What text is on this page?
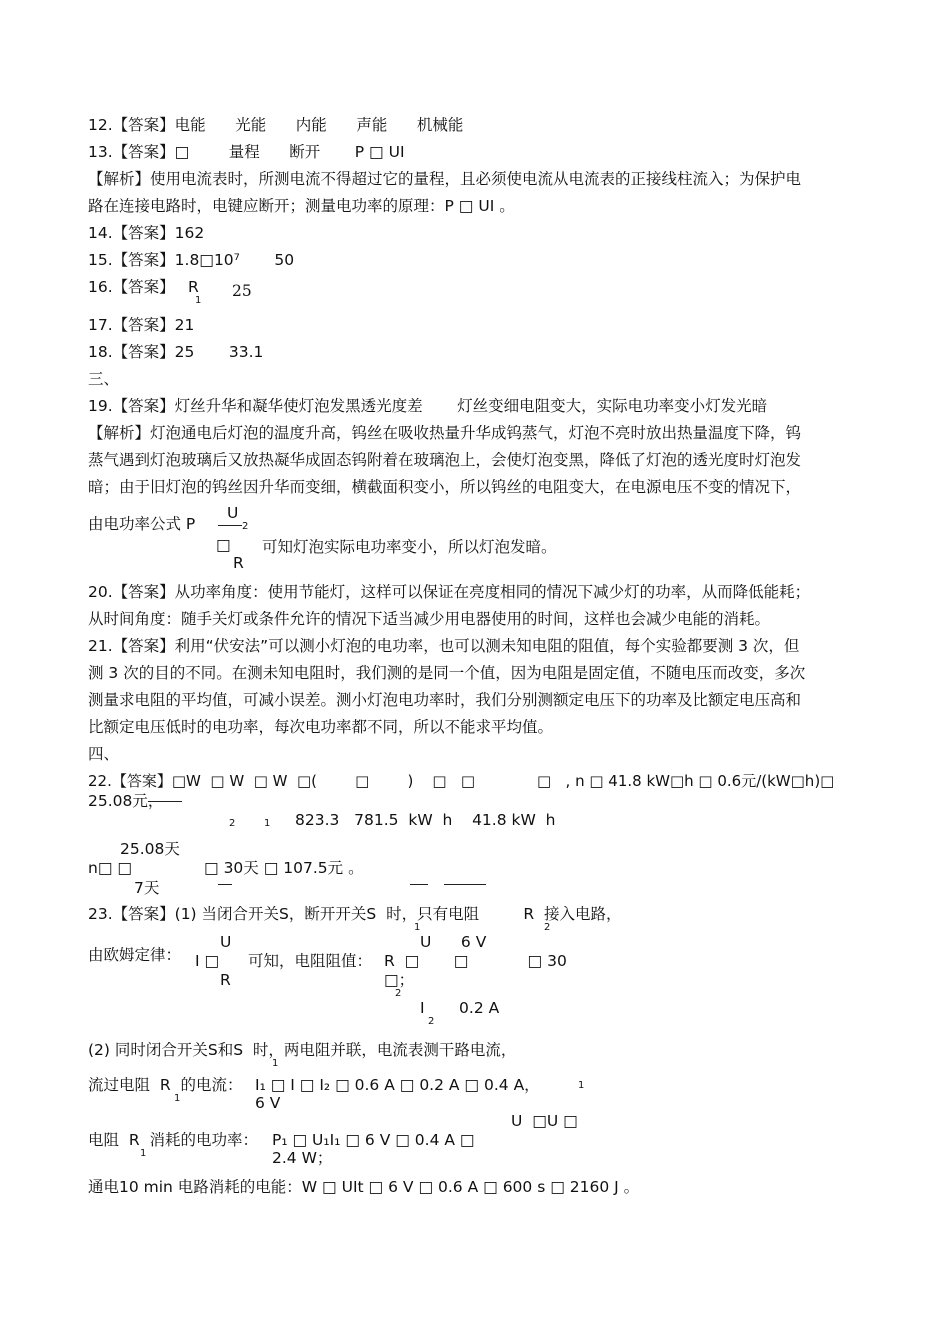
12.【答案】电能      光能      内能      声能      机械能
13.【答案】□        量程      断开       P □ UI
【解析】使用电流表时，所测电流不得超过它的量程，且必须使电流从电流表的正接线柱流入；为保护电
路在连接电路时，电键应断开；测量电功率的原理：P □ UI 。
14.【答案】162
15.【答案】1.8□10⁷       50
16.【答案】 R
1
25
17.【答案】21
18.【答案】25       33.1
三、
19.【答案】灯丝升华和凝华使灯泡发黑透光度差       灯丝变细电阻变大，实际电功率变小灯发光暗
【解析】灯泡通电后灯泡的温度升高，钨丝在吸收热量升华成钨蒸气，灯泡不亮时放出热量温度下降，钨
蒸气遇到灯泡玻璃后又放热凝华成固态钨附着在玻璃泡上，会使灯泡变黑，降低了灯泡的透光度时灯泡发
暗；由于旧灯泡的钨丝因升华而变细，横截面积变小，所以钨丝的电阻变大，在电源电压不变的情况下，
由电功率公式 P
U
2
□
R
可知灯泡实际电功率变小，所以灯泡发暗。
20.【答案】从功率角度：使用节能灯，这样可以保证在亮度相同的情况下减少灯的功率，从而降低能耗；
从时间角度：随手关灯或条件允许的情况下适当减少用电器使用的时间，这样也会减少电能的消耗。
21.【答案】利用“伏安法”可以测小灯泡的电功率，也可以测未知电阻的阻值，每个实验都要测 3 次，但
测 3 次的目的不同。在测未知电阻时，我们测的是同一个值，因为电阻是固定值，不随电压而改变，多次
测量求电阻的平均值，可减小误差。测小灯泡电功率时，我们分别测额定电压下的功率及比额定电压高和
比额定电压低时的电功率，每次电功率都不同，所以不能求平均值。
四、
22.【答案】□W  □ W  □ W  □(        □        )    □   □             □   , n □ 41.8 kW□h □ 0.6元/(kW□h)□
25.08元，
2	1 823.3   781.5  kW  h    41.8 kW  h
25.08天
n□ □	□ 30天 □ 107.5元 。
7天
23.【答案】(1) 当闭合开关S，断开开关S  时，只有电阻         R  接入电路，
1	2
U	U      6 V
由欧姆定律： I □ 可知，电阻阻值： R  □       □            □ 30
□；
2
R
I       0.2 A
2
(2) 同时闭合开关S和S  时，两电阻并联，电流表测干路电流，
1
流过电阻  R  的电流：
1
I₁ □ I □ I₂ □ 0.6 A □ 0.2 A □ 0.4 A，	1
6 V
U  □U □
电阻  R  消耗的电功率：
1
P₁ □ U₁I₁ □ 6 V □ 0.4 A □
2.4 W；
通电10 min 电路消耗的电能：W □ UIt □ 6 V □ 0.6 A □ 600 s □ 2160 J 。
